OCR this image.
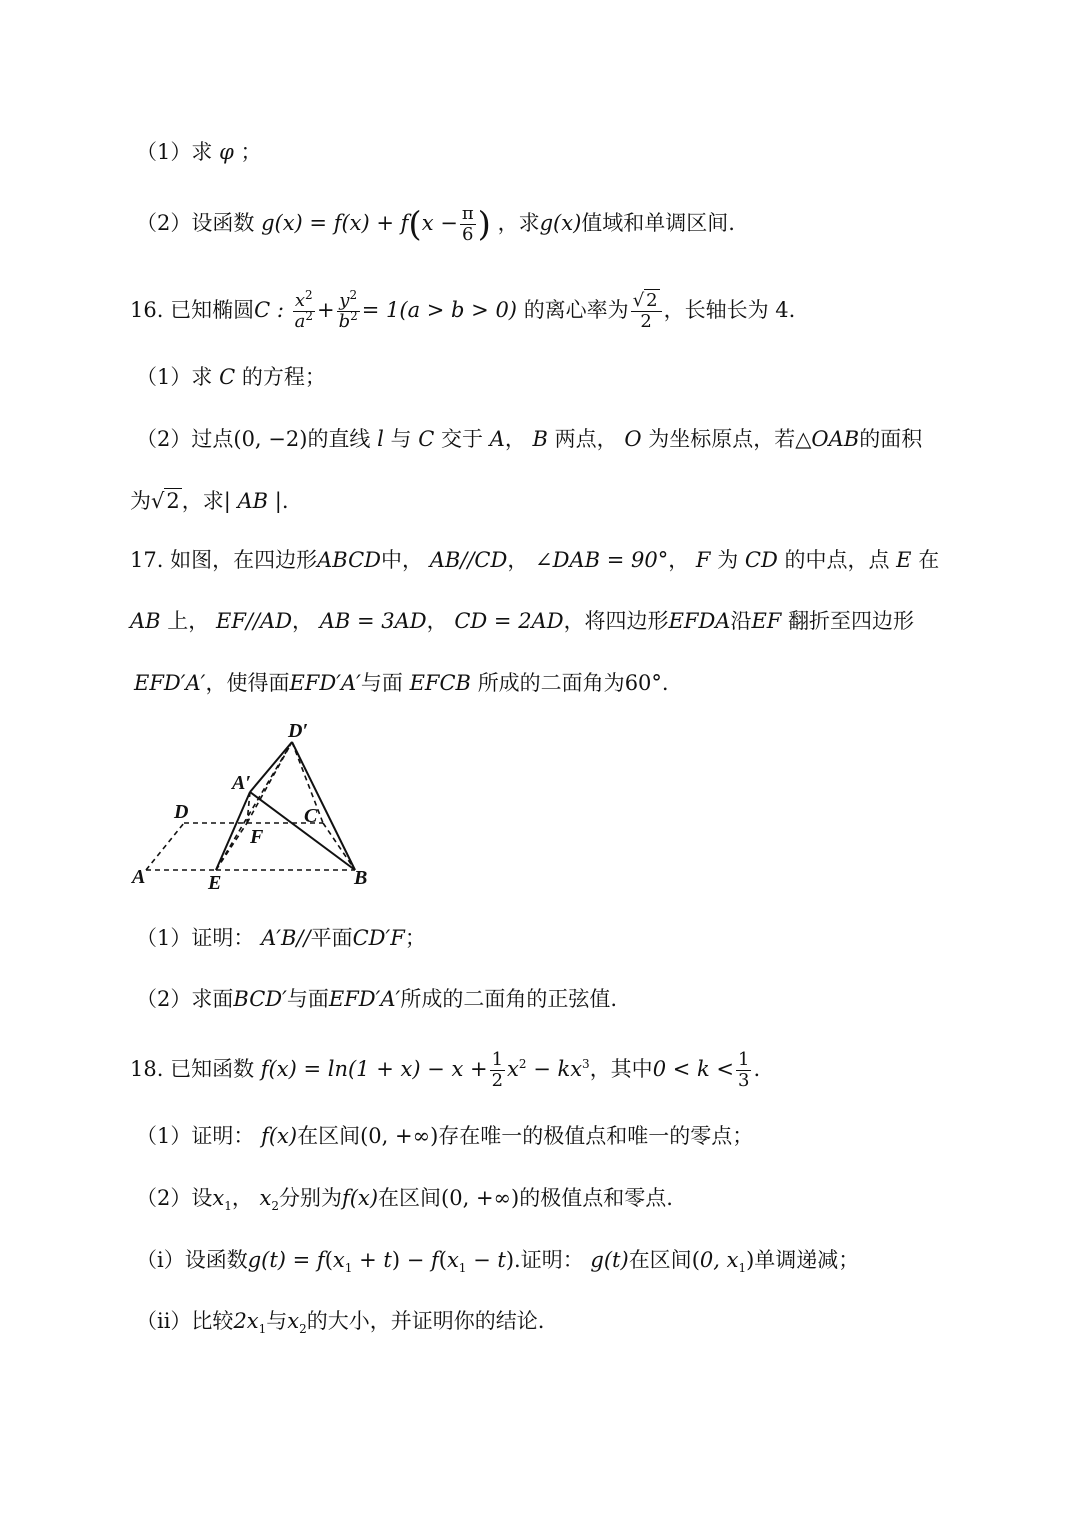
（1）求 φ ；
（2）设函数 $g(x) = f(x) + f(x - \frac{\pi}{6}$ ) ，求g(x)值域和单调区间.
16. 已知椭圆C : $\frac{x^2}{a^2} + \frac{y^2}{b^2} = 1(a > b > 0)$ 的离心率为 $\frac{√ 2}{2}$ ，长轴长为 4.
（1）求 C 的方程；
（2）过点(0, −2)的直线 l 与 C 交于 A， B 两点， O 为坐标原点，若△OAB的面积
为√2，求| AB |.
17. 如图，在四边形ABCD中， AB//CD， ∠DAB = 90°， F 为 CD 的中点，点 E 在
AB 上， EF//AD， AB = 3AD， CD = 2AD，将四边形EFDA沿EF 翻折至四边形
EFD′A′，使得面EFD′A′与面 EFCB 所成的二面角为60°.
D′
A′
D	C
F
A	E	B
（1）证明： A′B//平面CD′F；
（2）求面BCD′与面EFD′A′所成的二面角的正弦值.
18. 已知函数 $f(x) = \ln(1 + x) - x + \frac{1}{2} x^2 - kx^3$，其中$0 < k < \frac{1}{3}$ .
（1）证明： f(x)在区间(0, +∞)存在唯一的极值点和唯一的零点；
（2）设$x_1$， $x_2$分别为f(x)在区间(0, +∞)的极值点和零点.
（i）设函数$g(t) = f(x_1 + t) - f(x_1 - t)$.证明： g(t)在区间(0, $x_1$)单调递减；
（ii）比较$2x_1$与$x_2$的大小，并证明你的结论.
